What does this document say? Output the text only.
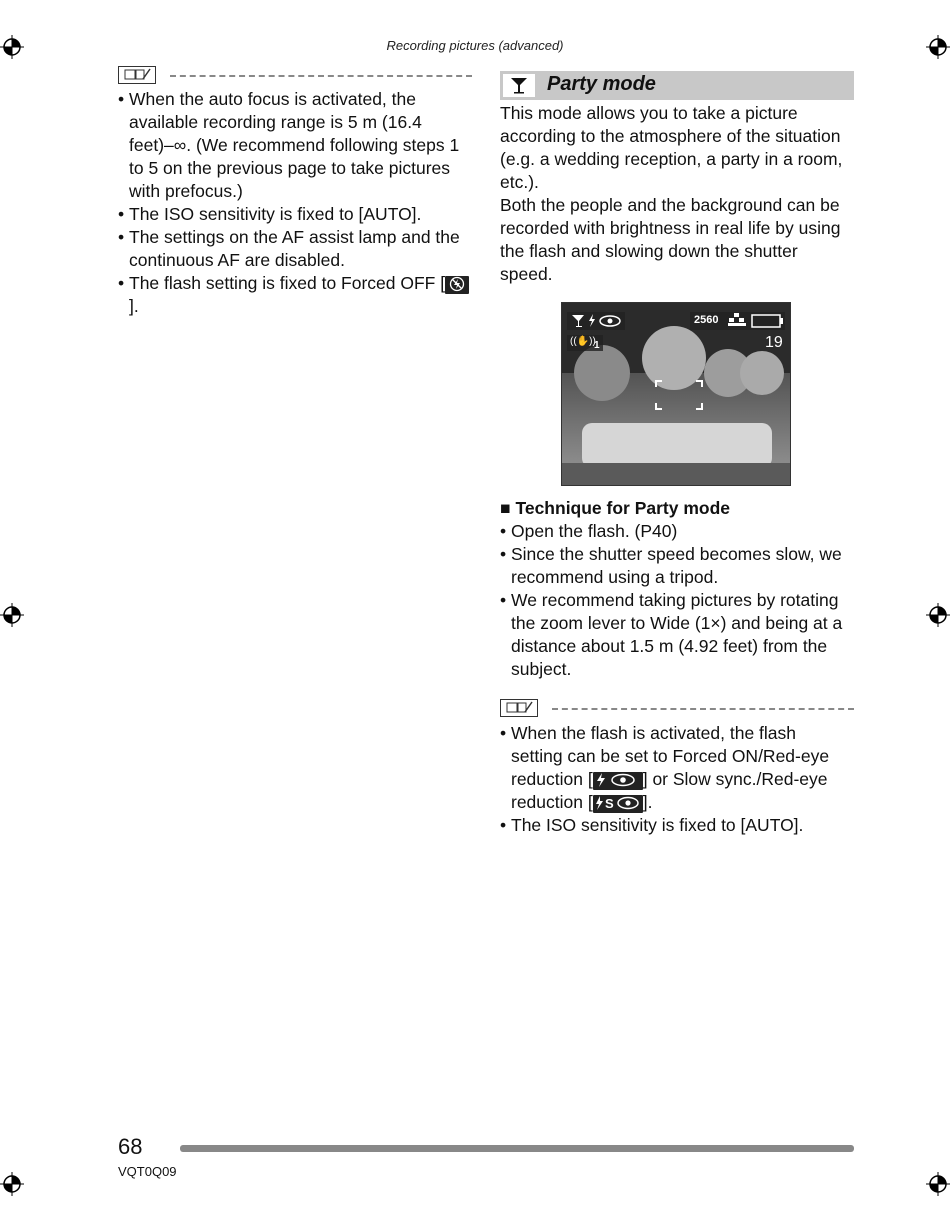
Recording pictures (advanced)
• When the auto focus is activated, the available recording range is 5 m (16.4 feet)–∞. (We recommend following steps 1 to 5 on the previous page to take pictures with prefocus.)
• The ISO sensitivity is fixed to [AUTO].
• The settings on the AF assist lamp and the continuous AF are disabled.
• The flash setting is fixed to Forced OFF [].
Party mode
This mode allows you to take a picture according to the atmosphere of the situation (e.g. a wedding reception, a party in a room, etc.).
Both the people and the background can be recorded with brightness in real life by using the flash and slowing down the shutter speed.
2560
((✋))
1	19
■ Technique for Party mode
• Open the flash. (P40)
• Since the shutter speed becomes slow, we recommend using a tripod.
• We recommend taking pictures by rotating the zoom lever to Wide (1×) and being at a distance about 1.5 m (4.92 feet) from the subject.
• When the flash is activated, the flash setting can be set to Forced ON/Red-eye reduction [	] or Slow sync./Red-eye reduction [ S ].
• The ISO sensitivity is fixed to [AUTO].
68
VQT0Q09
